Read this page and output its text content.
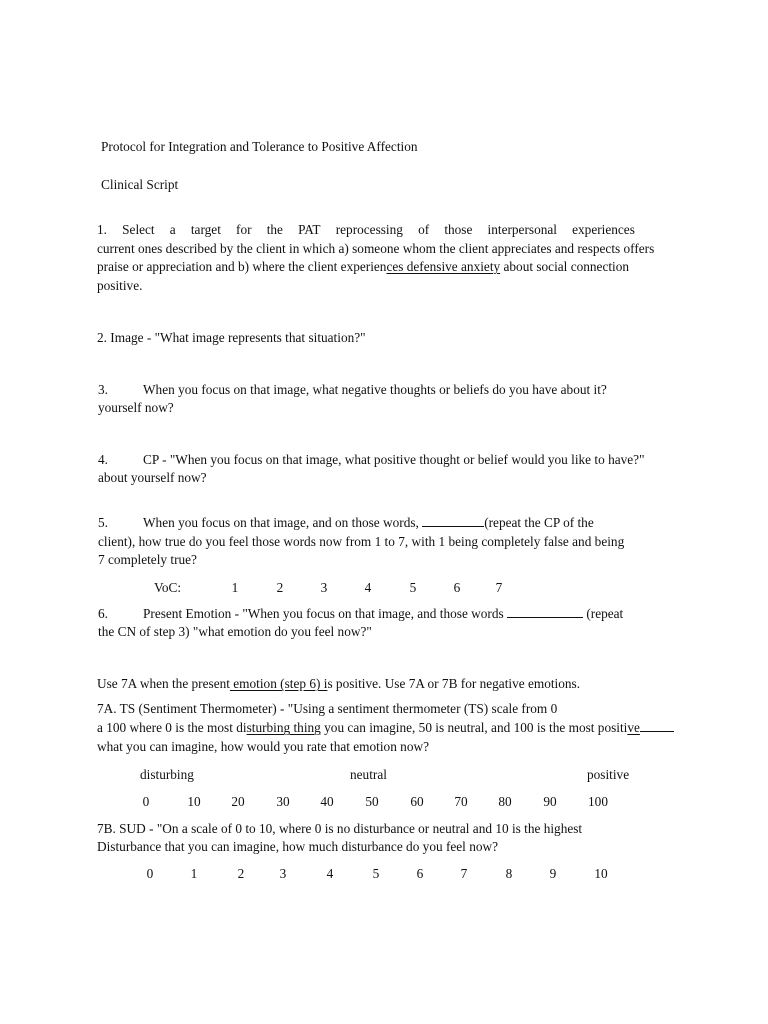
Protocol for Integration and Tolerance to Positive Affection
Clinical Script
1. Select a target for the PAT reprocessing of those interpersonal experiences
current ones described by the client in which a) someone whom the client appreciates and respects offers
praise or appreciation and b) where the client experiences defensive anxiety about social connection
positive.
2. Image - "What image represents that situation?"
3.	When you focus on that image, what negative thoughts or beliefs do you have about it?
yourself now?
4.	CP - "When you focus on that image, what positive thought or belief would you like to have?"
about yourself now?
5.	When you focus on that image, and on those words,	(repeat the CP of the
client), how true do you feel those words now from 1 to 7, with 1 being completely false and being
7 completely true?
VoC:	1	2	3	4	5	6	7
6.	Present Emotion - "When you focus on that image, and those words	(repeat
the CN of step 3) "what emotion do you feel now?"
Use 7A when the present emotion (step 6) is positive. Use 7A or 7B for negative emotions.
7A. TS (Sentiment Thermometer) - "Using a sentiment thermometer (TS) scale from 0
a 100 where 0 is the most disturbing thing you can imagine, 50 is neutral, and 100 is the most positive
what you can imagine, how would you rate that emotion now?
disturbing	neutral	positive
0	10 20 30 40 50 60 70 80 90 100
7B. SUD - "On a scale of 0 to 10, where 0 is no disturbance or neutral and 10 is the highest
Disturbance that you can imagine, how much disturbance do you feel now?
0	1	2	3	4	5	6	7	8	9	10
